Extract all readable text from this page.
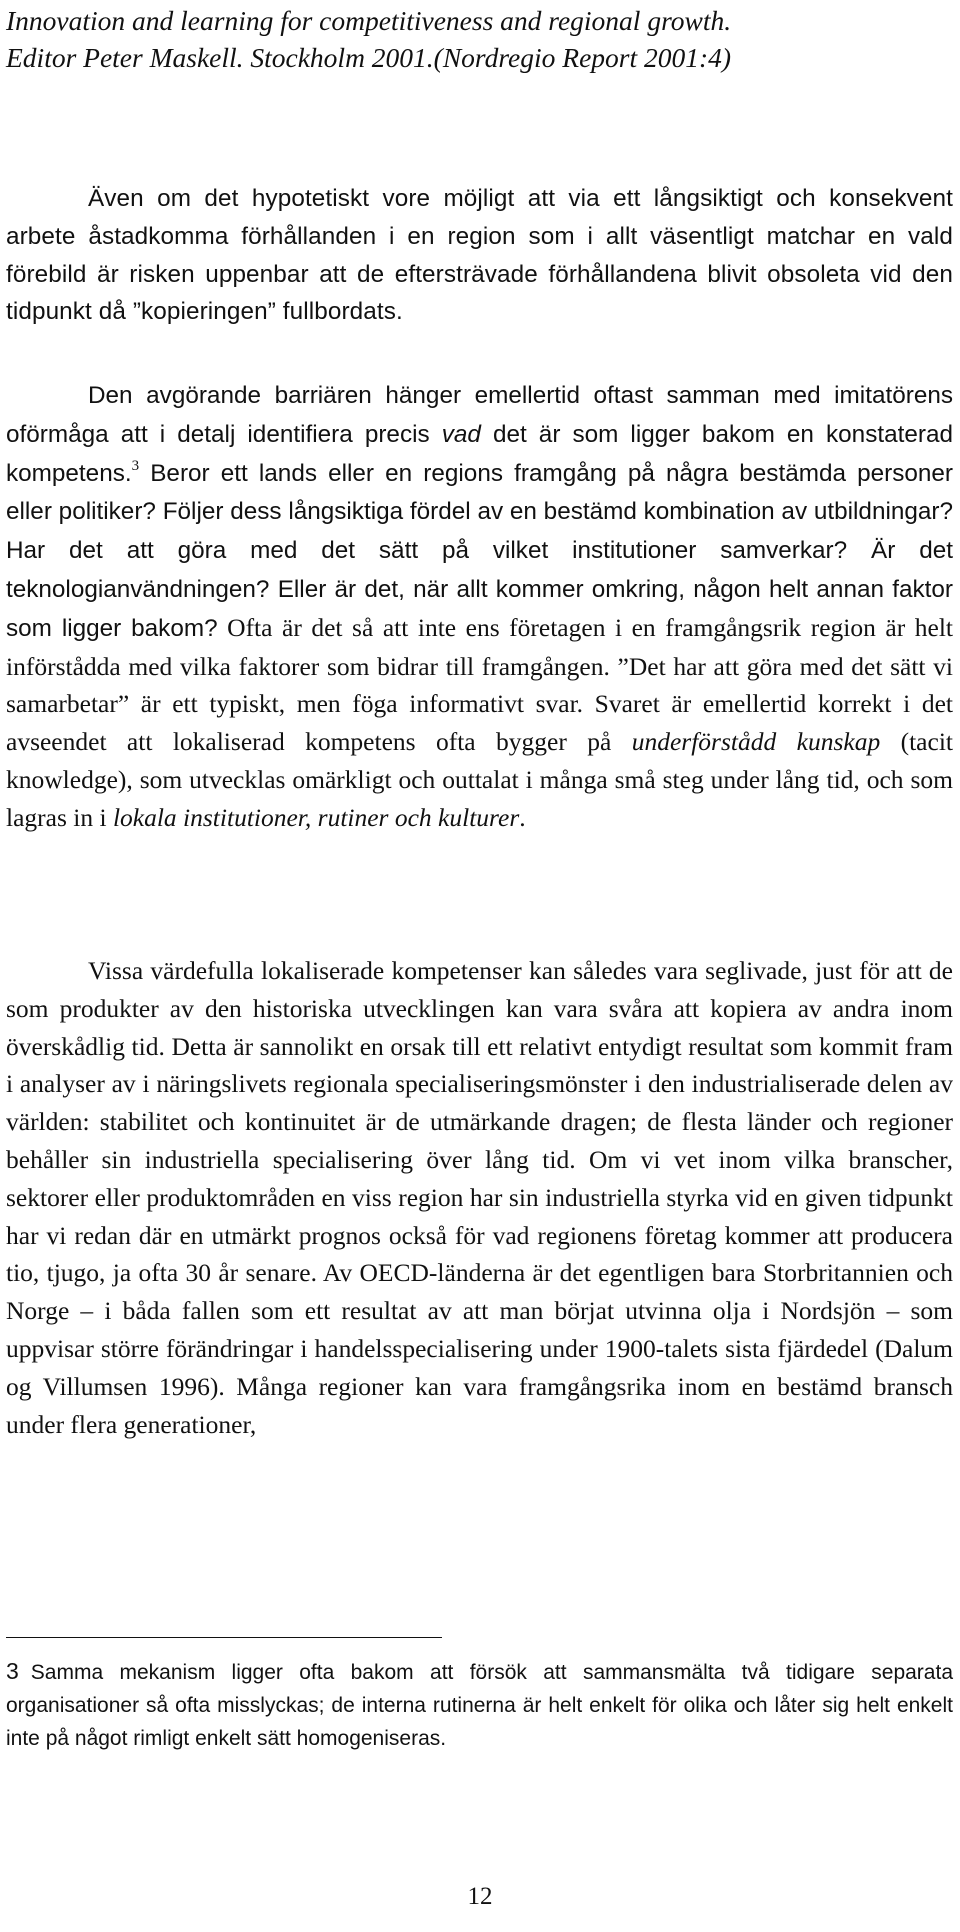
Innovation and learning for competitiveness and regional growth.
Editor Peter Maskell. Stockholm 2001.(Nordregio Report 2001:4)

Även om det hypotetiskt vore möjligt att via ett långsiktigt och konsekvent arbete åstadkomma förhållanden i en region som i allt väsentligt matchar en vald förebild är risken uppenbar att de eftersträvade förhållandena blivit obsoleta vid den tidpunkt då ”kopieringen” fullbordats.

Den avgörande barriären hänger emellertid oftast samman med imitatörens oförmåga att i detalj identifiera precis vad det är som ligger bakom en konstaterad kompetens.$^3$ Beror ett lands eller en regions framgång på några bestämda personer eller politiker? Följer dess långsiktiga fördel av en bestämd kombination av utbildningar? Har det att göra med det sätt på vilket institutioner samverkar? Är det teknologianvändningen? Eller är det, när allt kommer omkring, någon helt annan faktor som ligger bakom? Ofta är det så att inte ens företagen i en framgångsrik region är helt införstådda med vilka faktorer som bidrar till framgången. ”Det har att göra med det sätt vi samarbetar” är ett typiskt, men föga informativt svar. Svaret är emellertid korrekt i det avseendet att lokaliserad kompetens ofta bygger på underförstådd kunskap (tacit knowledge), som utvecklas omärkligt och outtalat i många små steg under lång tid, och som lagras in i lokala institutioner, rutiner och kulturer.

Vissa värdefulla lokaliserade kompetenser kan således vara seglivade, just för att de som produkter av den historiska utvecklingen kan vara svåra att kopiera av andra inom överskådlig tid. Detta är sannolikt en orsak till ett relativt entydigt resultat som kommit fram i analyser av i näringslivets regionala specialiseringsmönster i den industrialiserade delen av världen: stabilitet och kontinuitet är de utmärkande dragen; de flesta länder och regioner behåller sin industriella specialisering över lång tid. Om vi vet inom vilka branscher, sektorer eller produktområden en viss region har sin industriella styrka vid en given tidpunkt har vi redan där en utmärkt prognos också för vad regionens företag kommer att producera tio, tjugo, ja ofta 30 år senare. Av OECD-länderna är det egentligen bara Storbritannien och Norge – i båda fallen som ett resultat av att man börjat utvinna olja i Nordsjön – som uppvisar större förändringar i handelsspecialisering under 1900-talets sista fjärdedel (Dalum og Villumsen 1996). Många regioner kan vara framgångsrika inom en bestämd bransch under flera generationer,

3 Samma mekanism ligger ofta bakom att försök att sammansmälta två tidigare separata organisationer så ofta misslyckas; de interna rutinerna är helt enkelt för olika och låter sig helt enkelt inte på något rimligt enkelt sätt homogeniseras.

12
